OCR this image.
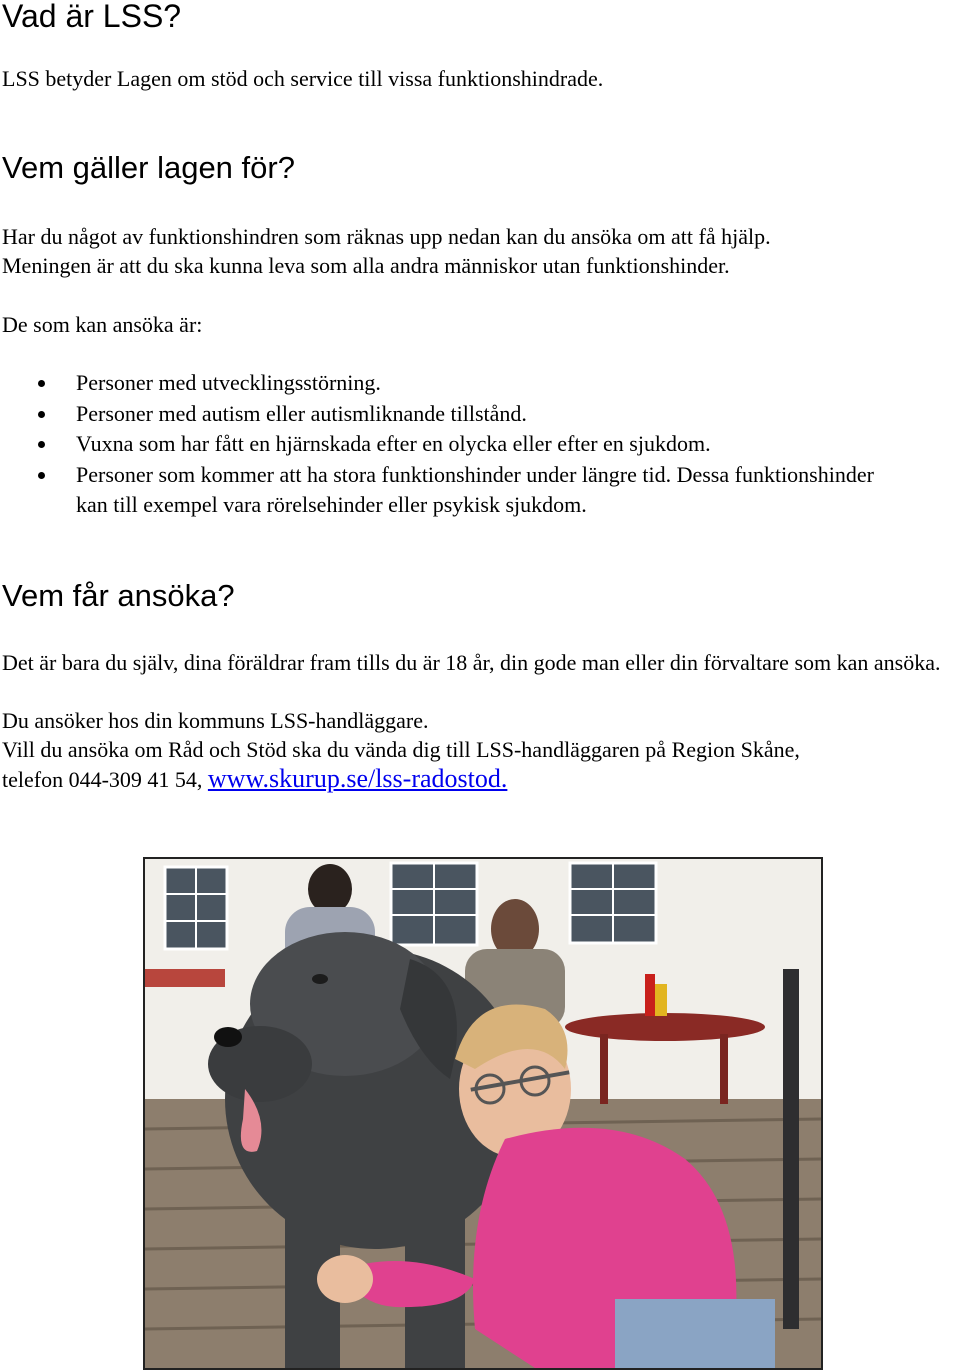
Vad är LSS?

LSS betyder Lagen om stöd och service till vissa funktionshindrade.

Vem gäller lagen för?

Har du något av funktionshindren som räknas upp nedan kan du ansöka om att få hjälp.
Meningen är att du ska kunna leva som alla andra människor utan funktionshinder.

De som kan ansöka är:

Personer med utvecklingsstörning.
Personer med autism eller autismliknande tillstånd.
Vuxna som har fått en hjärnskada efter en olycka eller efter en sjukdom.
Personer som kommer att ha stora funktionshinder under längre tid. Dessa funktionshinder kan till exempel vara rörelsehinder eller psykisk sjukdom.
Vem får ansöka?

Det är bara du själv, dina föräldrar fram tills du är 18 år, din gode man eller din förvaltare som kan ansöka.

Du ansöker hos din kommuns LSS-handläggare.

Vill du ansöka om Råd och Stöd ska du vända dig till LSS-handläggaren på Region Skåne,
telefon 044-309 41 54, www.skurup.se/lss-radostod.
